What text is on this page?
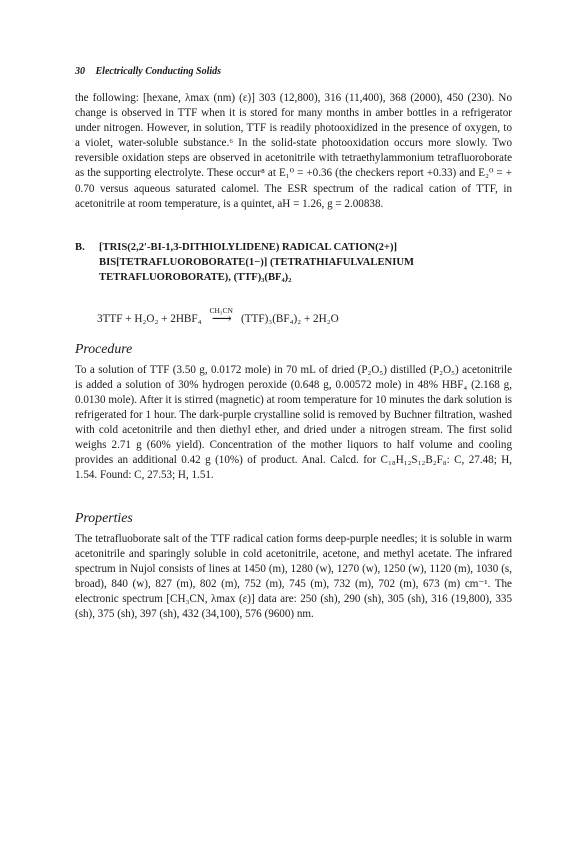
30 Electrically Conducting Solids

the following: [hexane, λmax (nm) (ε)] 303 (12,800), 316 (11,400), 368 (2000), 450 (230). No change is observed in TTF when it is stored for many months in amber bottles in a refrigerator under nitrogen. However, in solution, TTF is readily photooxidized in the presence of oxygen, to a violet, water-soluble substance.⁶ In the solid-state photooxidation occurs more slowly. Two reversible oxidation steps are observed in acetonitrile with tetraethylammonium tetrafluoroborate as the supporting electrolyte. These occur⁸ at E₁⁰ = +0.36 (the checkers report +0.33) and E₂⁰ = + 0.70 versus aqueous saturated calomel. The ESR spectrum of the radical cation of TTF, in acetonitrile at room temperature, is a quintet, aH = 1.26, g = 2.00838.

B.	[TRIS(2,2′-BI-1,3-DITHIOLYLIDENE) RADICAL CATION(2+)] BIS[TETRAFLUOROBORATE(1−)] (TETRATHIAFULVALENIUM TETRAFLUOROBORATE), (TTF)₃(BF₄)₂
3TTF + H₂O₂ + 2HBF₄
CH₃CN
⟶ (TTF)₃(BF₄)₂ + 2H₂O
Procedure

To a solution of TTF (3.50 g, 0.0172 mole) in 70 mL of dried (P₂O₅) distilled (P₂O₅) acetonitrile is added a solution of 30% hydrogen peroxide (0.648 g, 0.00572 mole) in 48% HBF₄ (2.168 g, 0.0130 mole). After it is stirred (magnetic) at room temperature for 10 minutes the dark solution is refrigerated for 1 hour. The dark-purple crystalline solid is removed by Buchner filtration, washed with cold acetonitrile and then diethyl ether, and dried under a nitrogen stream. The first solid weighs 2.71 g (60% yield). Concentration of the mother liquors to half volume and cooling provides an additional 0.42 g (10%) of product. Anal. Calcd. for C₁₈H₁₂S₁₂B₂F₈: C, 27.48; H, 1.54. Found: C, 27.53; H, 1.51.

Properties

The tetrafluoborate salt of the TTF radical cation forms deep-purple needles; it is soluble in warm acetonitrile and sparingly soluble in cold acetonitrile, acetone, and methyl acetate. The infrared spectrum in Nujol consists of lines at 1450 (m), 1280 (w), 1270 (w), 1250 (w), 1120 (m), 1030 (s, broad), 840 (w), 827 (m), 802 (m), 752 (m), 745 (m), 732 (m), 702 (m), 673 (m) cm⁻¹. The electronic spectrum [CH₃CN, λmax (ε)] data are: 250 (sh), 290 (sh), 305 (sh), 316 (19,800), 335 (sh), 375 (sh), 397 (sh), 432 (34,100), 576 (9600) nm.
